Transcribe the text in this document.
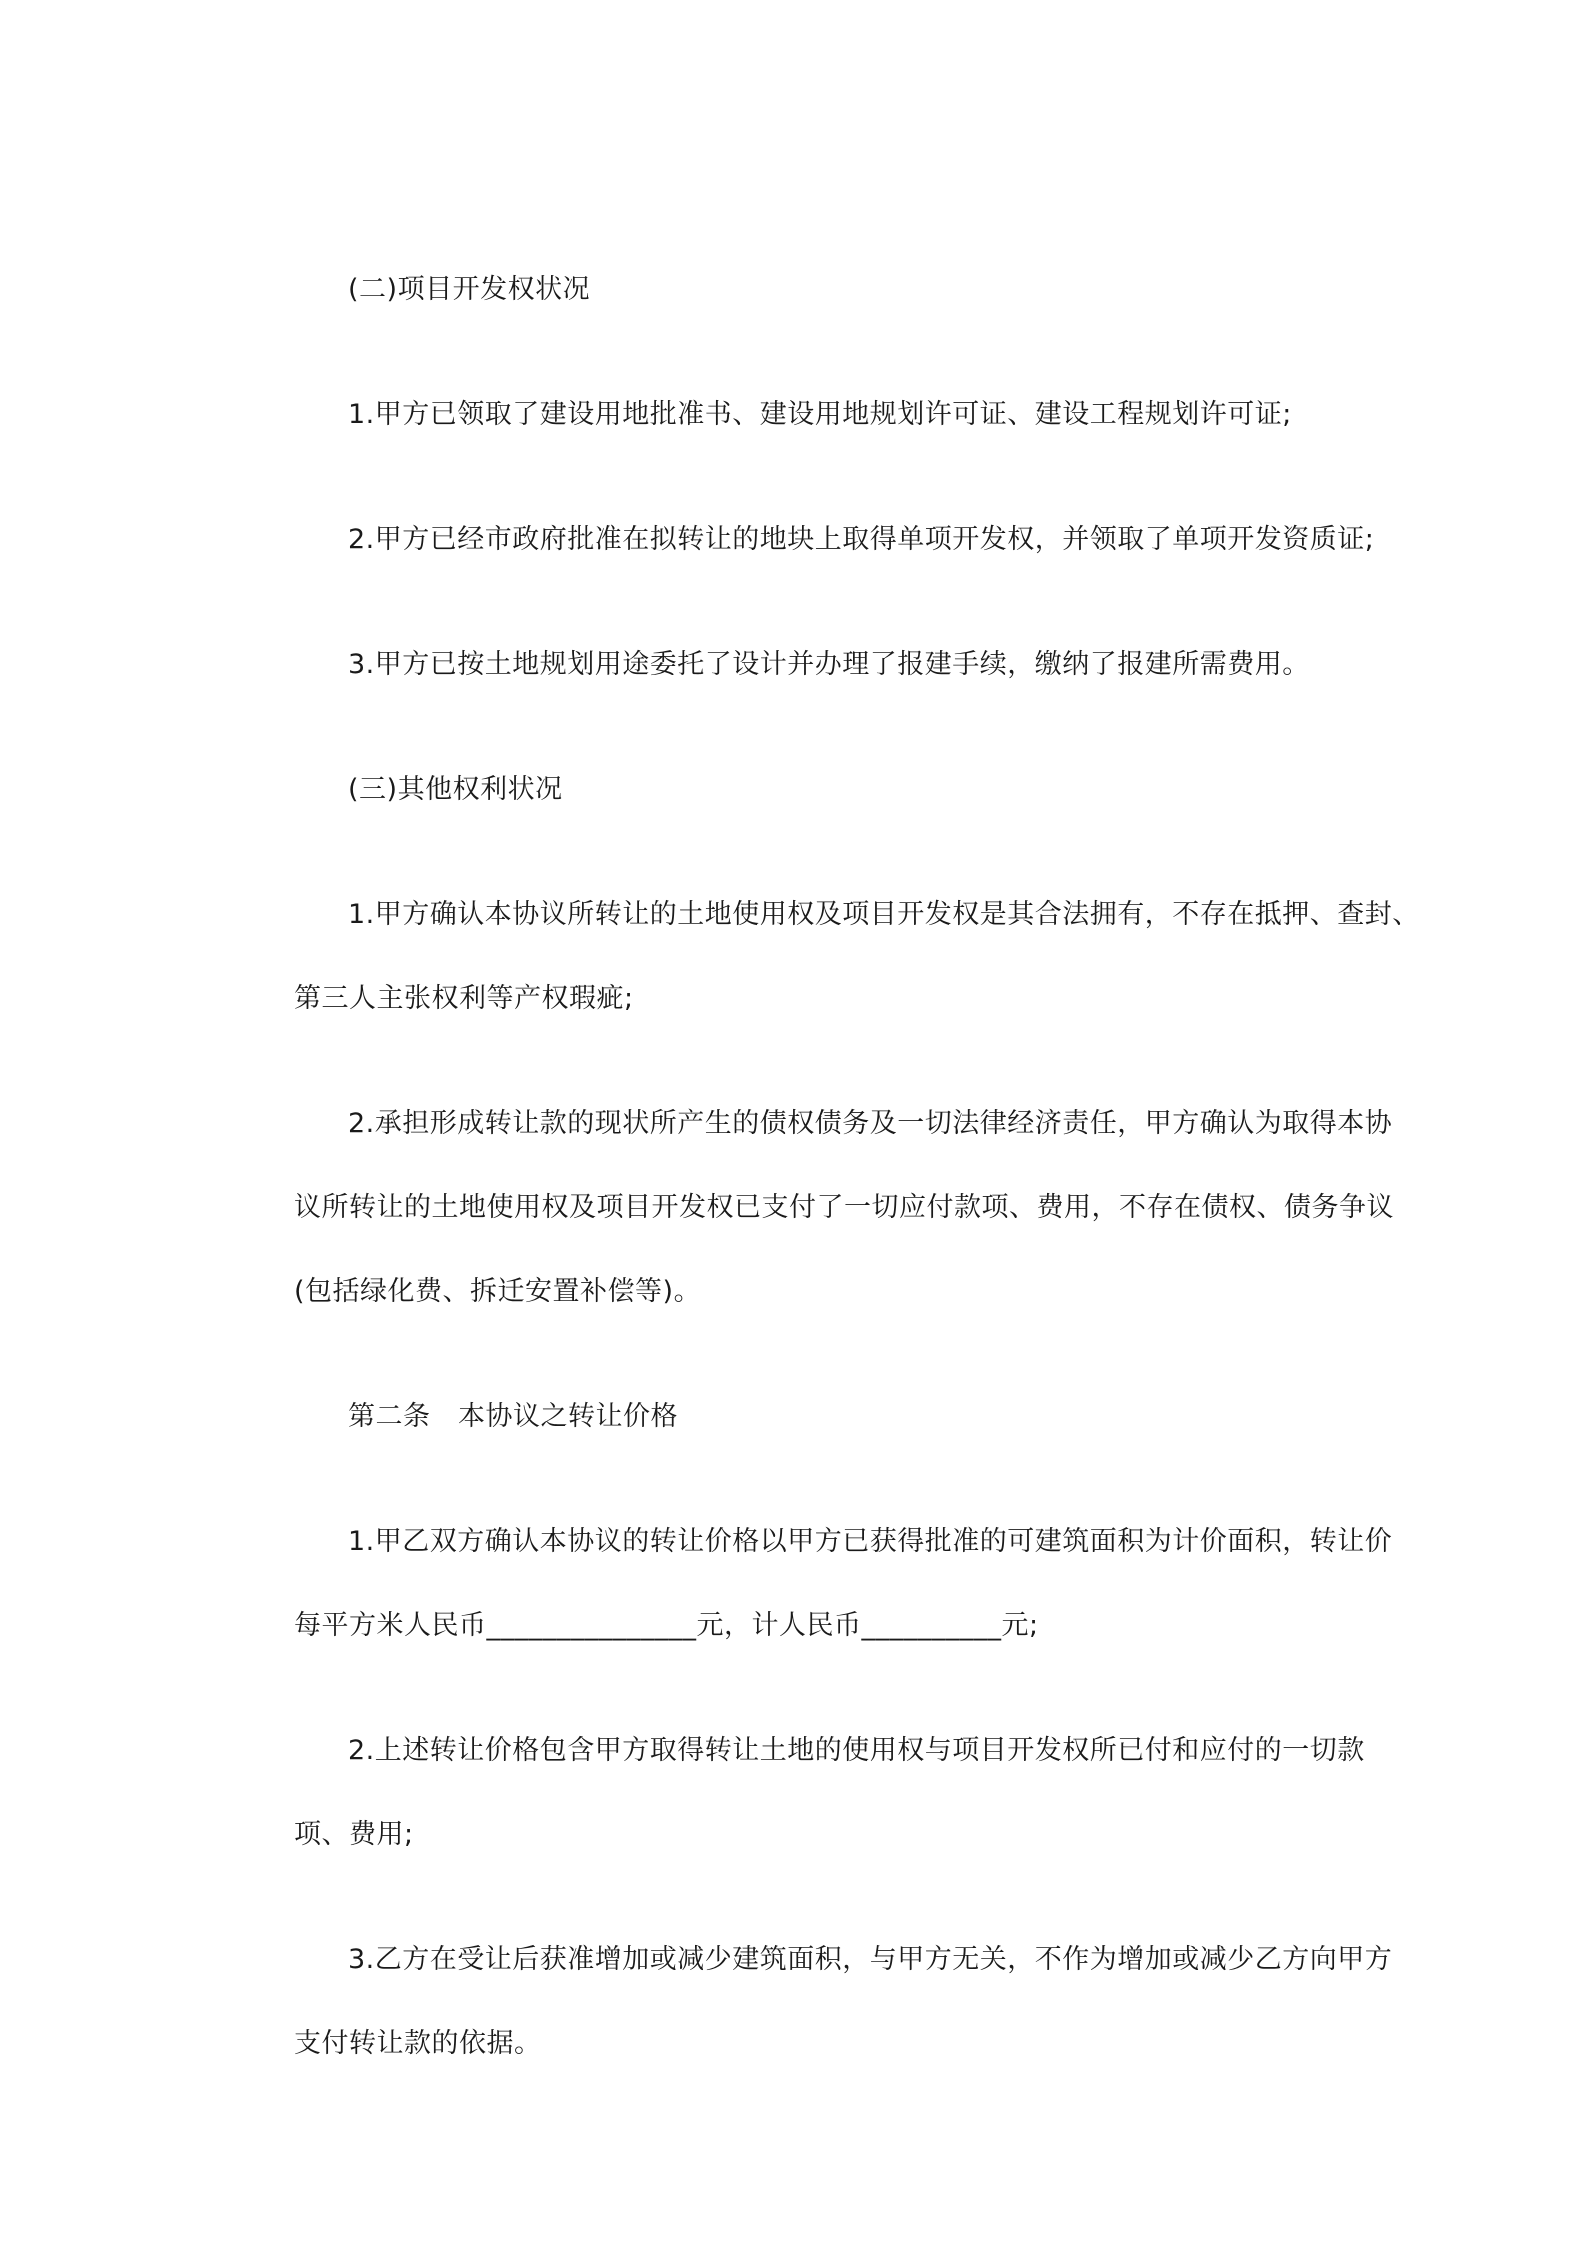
(二)项目开发权状况
1.甲方已领取了建设用地批准书、建设用地规划许可证、建设工程规划许可证;
2.甲方已经市政府批准在拟转让的地块上取得单项开发权，并领取了单项开发资质证;
3.甲方已按土地规划用途委托了设计并办理了报建手续，缴纳了报建所需费用。
(三)其他权利状况
1.甲方确认本协议所转让的土地使用权及项目开发权是其合法拥有，不存在抵押、查封、
第三人主张权利等产权瑕疵;
2.承担形成转让款的现状所产生的债权债务及一切法律经济责任，甲方确认为取得本协
议所转让的土地使用权及项目开发权已支付了一切应付款项、费用，不存在债权、债务争议
(包括绿化费、拆迁安置补偿等)。
第二条　本协议之转让价格
1.甲乙双方确认本协议的转让价格以甲方已获得批准的可建筑面积为计价面积，转让价
每平方米人民币_______________元，计人民币__________元;
2.上述转让价格包含甲方取得转让土地的使用权与项目开发权所已付和应付的一切款
项、费用;
3.乙方在受让后获准增加或减少建筑面积，与甲方无关，不作为增加或减少乙方向甲方
支付转让款的依据。
